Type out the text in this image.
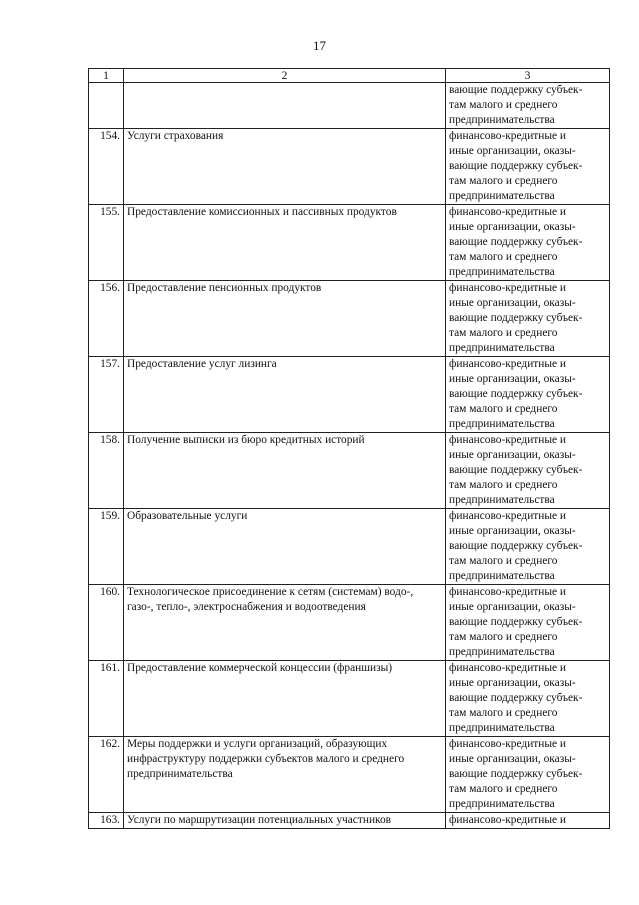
17
1	2	3
		вающие поддержку субъек-
там малого и среднего
предпринимательства
154.	Услуги страхования	финансово-кредитные и
иные организации, оказы-
вающие поддержку субъек-
там малого и среднего
предпринимательства
155.	Предоставление комиссионных и пассивных продуктов	финансово-кредитные и
иные организации, оказы-
вающие поддержку субъек-
там малого и среднего
предпринимательства
156.	Предоставление пенсионных продуктов	финансово-кредитные и
иные организации, оказы-
вающие поддержку субъек-
там малого и среднего
предпринимательства
157.	Предоставление услуг лизинга	финансово-кредитные и
иные организации, оказы-
вающие поддержку субъек-
там малого и среднего
предпринимательства
158.	Получение выписки из бюро кредитных историй	финансово-кредитные и
иные организации, оказы-
вающие поддержку субъек-
там малого и среднего
предпринимательства
159.	Образовательные услуги	финансово-кредитные и
иные организации, оказы-
вающие поддержку субъек-
там малого и среднего
предпринимательства
160.	Технологическое присоединение к сетям (системам) водо-, газо-, тепло-, электроснабжения и водоотведения	финансово-кредитные и
иные организации, оказы-
вающие поддержку субъек-
там малого и среднего
предпринимательства
161.	Предоставление коммерческой концессии (франшизы)	финансово-кредитные и
иные организации, оказы-
вающие поддержку субъек-
там малого и среднего
предпринимательства
162.	Меры поддержки и услуги организаций, образующих инфраструктуру поддержки субъектов малого и среднего предпринимательства	финансово-кредитные и
иные организации, оказы-
вающие поддержку субъек-
там малого и среднего
предпринимательства
163.	Услуги по маршрутизации потенциальных участников	финансово-кредитные и
